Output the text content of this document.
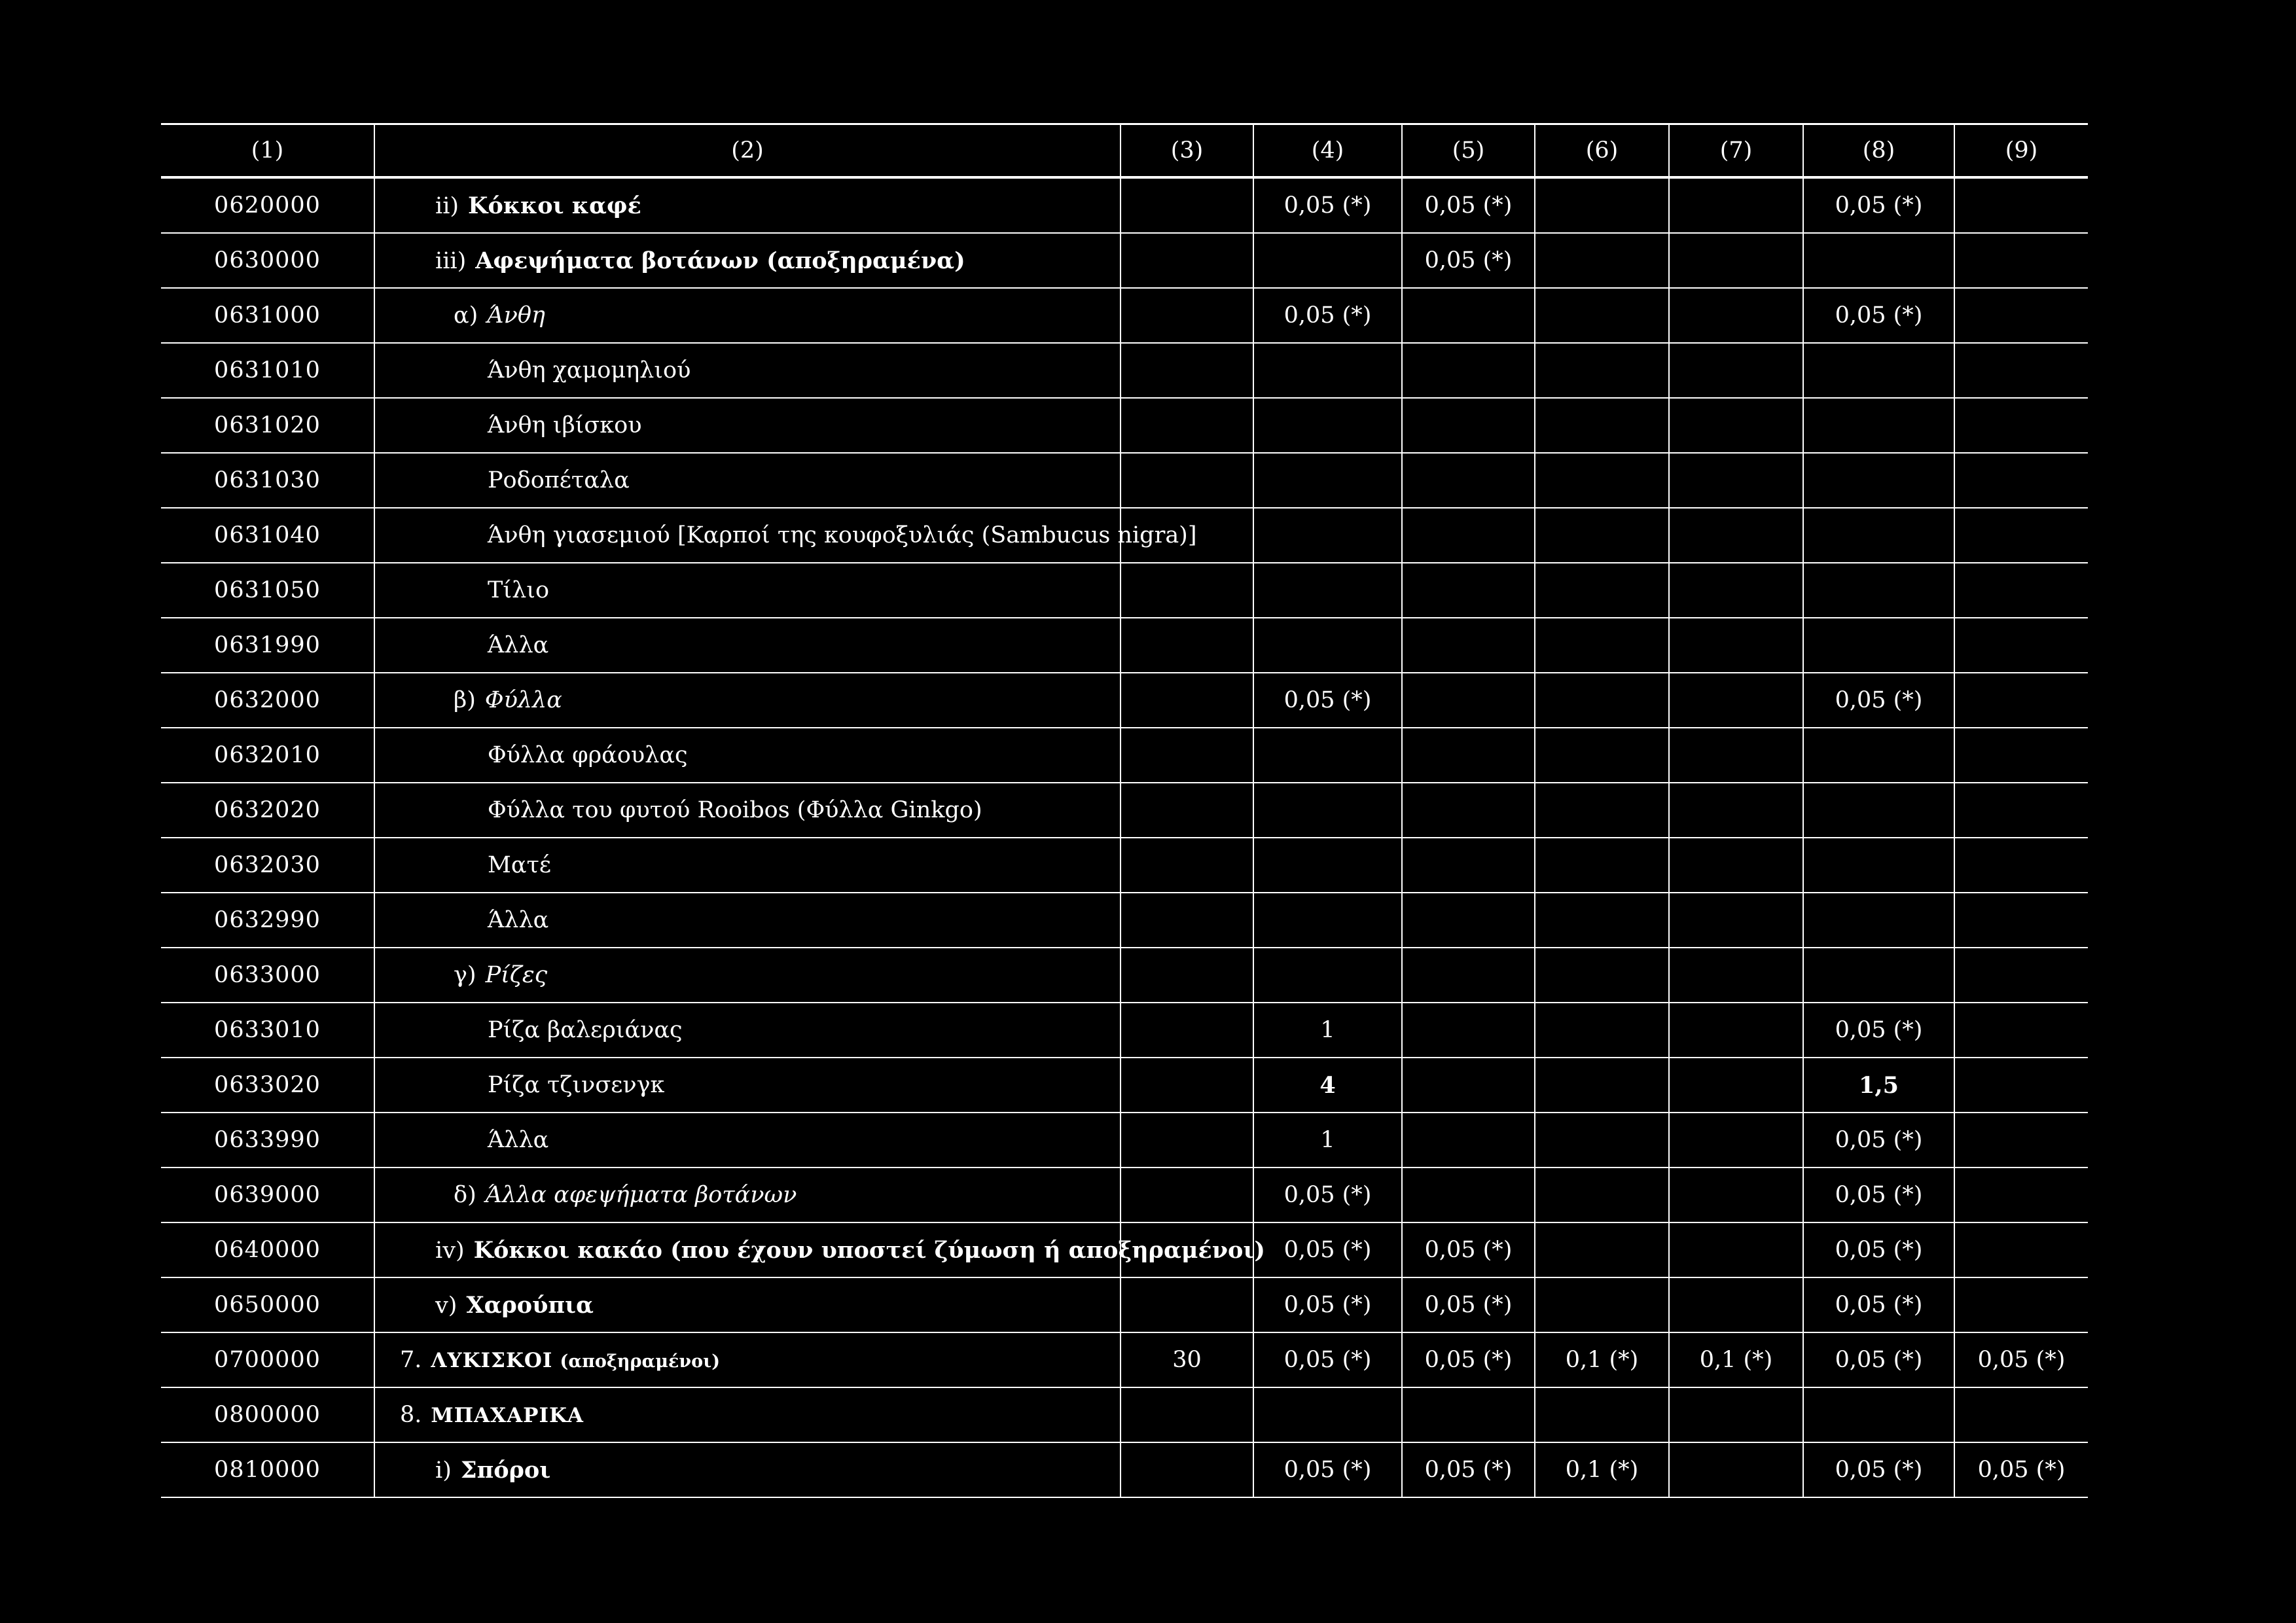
(1)	(2)	(3)	(4)	(5)	(6)	(7)	(8)	(9)
0620000	ii) Κόκκοι καφέ		0,05 (*)	0,05 (*)			0,05 (*)	
0630000	iii) Αφεψήματα βοτάνων (αποξηραμένα)			0,05 (*)				
0631000	α) Άνθη		0,05 (*)				0,05 (*)	
0631010	Άνθη χαμομηλιού							
0631020	Άνθη ιβίσκου							
0631030	Ροδοπέταλα							
0631040	Άνθη γιασεμιού [Καρποί της κουφοξυλιάς (Sambucus nigra)]							
0631050	Τίλιο							
0631990	Άλλα							
0632000	β) Φύλλα		0,05 (*)				0,05 (*)	
0632010	Φύλλα φράουλας							
0632020	Φύλλα του φυτού Rooibos (Φύλλα Ginkgo)							
0632030	Ματέ							
0632990	Άλλα							
0633000	γ) Ρίζες							
0633010	Ρίζα βαλεριάνας		1				0,05 (*)	
0633020	Ρίζα τζινσενγκ		4				1,5	
0633990	Άλλα		1				0,05 (*)	
0639000	δ) Άλλα αφεψήματα βοτάνων		0,05 (*)				0,05 (*)	
0640000	iv) Κόκκοι κακάο (που έχουν υποστεί ζύμωση ή αποξηραμένοι)		0,05 (*)	0,05 (*)			0,05 (*)	
0650000	v) Χαρούπια		0,05 (*)	0,05 (*)			0,05 (*)	
0700000	7. ΛΥΚΙΣΚΟΙ (αποξηραμένοι)	30	0,05 (*)	0,05 (*)	0,1 (*)	0,1 (*)	0,05 (*)	0,05 (*)
0800000	8. ΜΠΑΧΑΡΙΚΑ							
0810000	i) Σπόροι		0,05 (*)	0,05 (*)	0,1 (*)		0,05 (*)	0,05 (*)
